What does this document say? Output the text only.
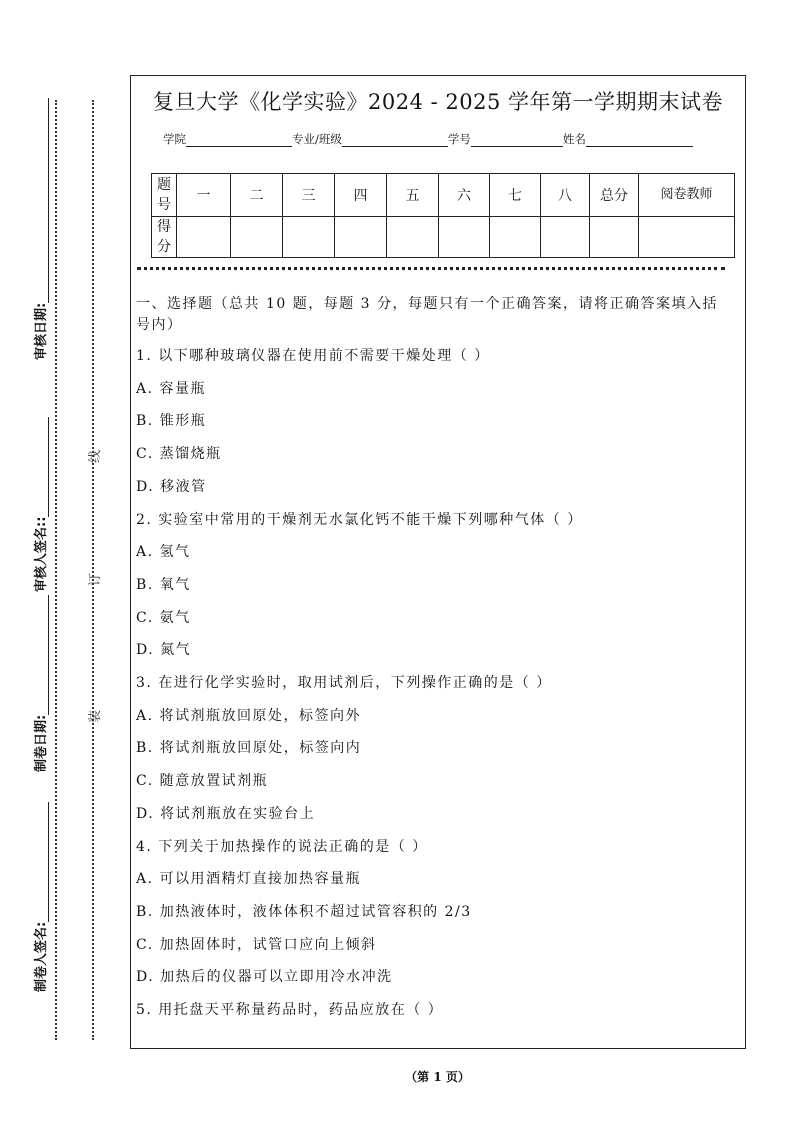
审核日期:
审核人签名::
制卷日期:
制卷人签名:
线
订
装
复旦大学《化学实验》2024 - 2025 学年第一学期期末试卷
学院	专业/班级	学号	姓名
题号	一	二	三	四	五	六	七	八	总分	阅卷教师
得分										
一、选择题（总共 10 题，每题 3 分，每题只有一个正确答案，请将正确答案填入括
号内）
1. 以下哪种玻璃仪器在使用前不需要干燥处理（ ）
A. 容量瓶
B. 锥形瓶
C. 蒸馏烧瓶
D. 移液管
2. 实验室中常用的干燥剂无水氯化钙不能干燥下列哪种气体（ ）
A. 氢气
B. 氧气
C. 氨气
D. 氮气
3. 在进行化学实验时，取用试剂后，下列操作正确的是（ ）
A. 将试剂瓶放回原处，标签向外
B. 将试剂瓶放回原处，标签向内
C. 随意放置试剂瓶
D. 将试剂瓶放在实验台上
4. 下列关于加热操作的说法正确的是（ ）
A. 可以用酒精灯直接加热容量瓶
B. 加热液体时，液体体积不超过试管容积的 2/3
C. 加热固体时，试管口应向上倾斜
D. 加热后的仪器可以立即用冷水冲洗
5. 用托盘天平称量药品时，药品应放在（ ）
（第 1 页）
